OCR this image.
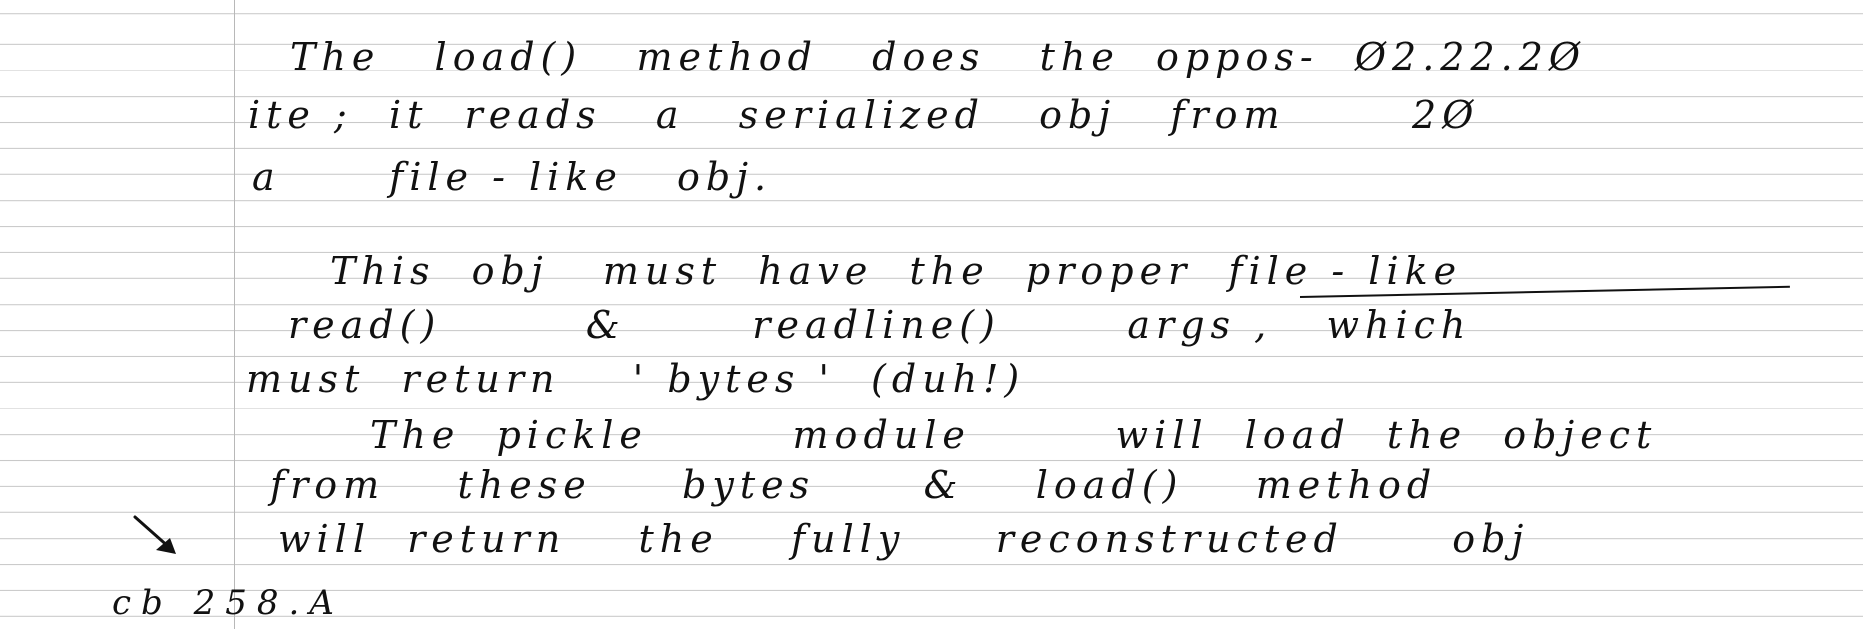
The   load()   method   does   the  oppos-  Ø2.22.2Ø

ite ;  it  reads   a   serialized   obj   from       2Ø

a      file - like   obj.

This  obj   must  have  the  proper  file - like

read()        &       readline()       args ,   which

must  return    ' bytes '  (duh!)

The  pickle        module        will  load  the  object

from    these     bytes      &    load()    method

will  return    the    fully     reconstructed      obj

cb 258.A
